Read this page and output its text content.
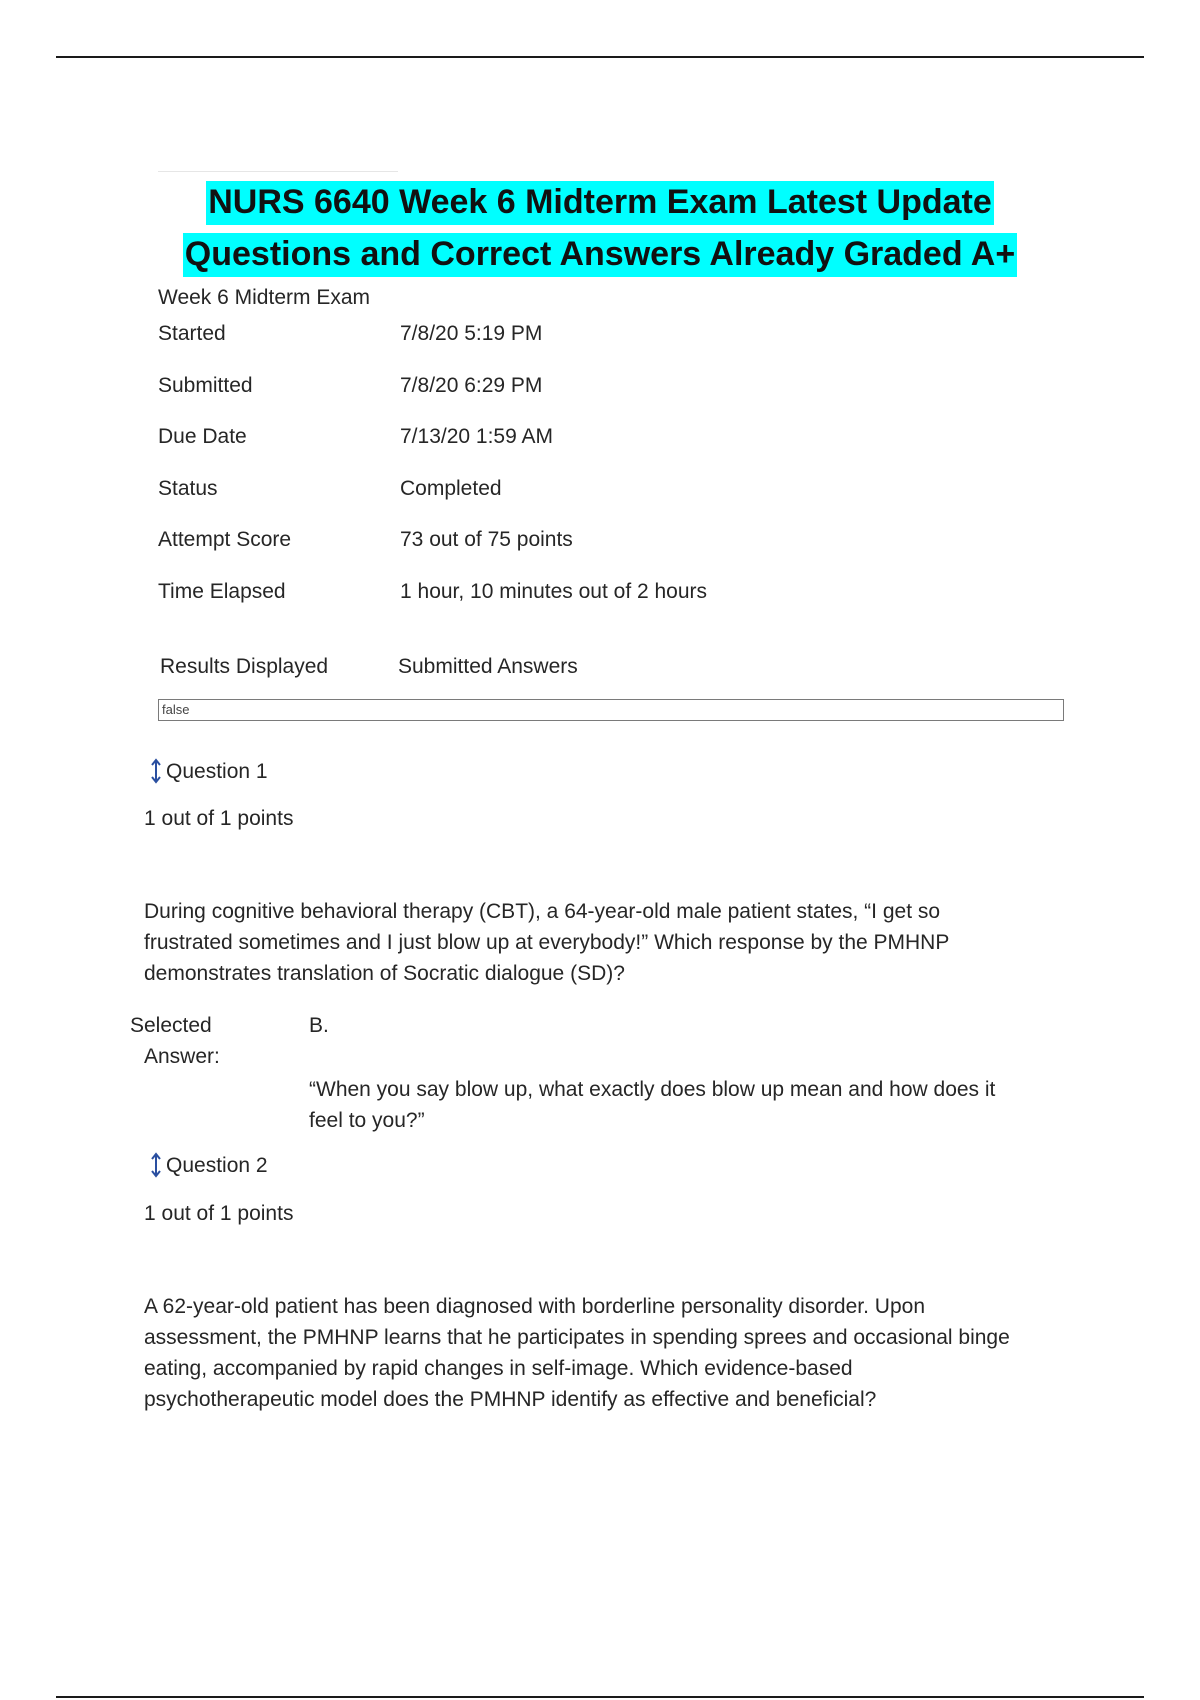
NURS 6640 Week 6 Midterm Exam Latest Update
Questions and Correct Answers Already Graded A+
Week 6 Midterm Exam
Started	7/8/20 5:19 PM
Submitted	7/8/20 6:29 PM
Due Date	7/13/20 1:59 AM
Status	Completed
Attempt Score	73 out of 75 points
Time Elapsed	1 hour, 10 minutes out of 2 hours
Results Displayed	Submitted Answers
false
Question 1
1 out of 1 points
During cognitive behavioral therapy (CBT), a 64-year-old male patient states, “I get so
frustrated sometimes and I just blow up at everybody!” Which response by the PMHNP
demonstrates translation of Socratic dialogue (SD)?
Selected
Answer:
B.
“When you say blow up, what exactly does blow up mean and how does it
feel to you?”
Question 2
1 out of 1 points
A 62-year-old patient has been diagnosed with borderline personality disorder. Upon
assessment, the PMHNP learns that he participates in spending sprees and occasional binge
eating, accompanied by rapid changes in self-image. Which evidence-based
psychotherapeutic model does the PMHNP identify as effective and beneficial?
